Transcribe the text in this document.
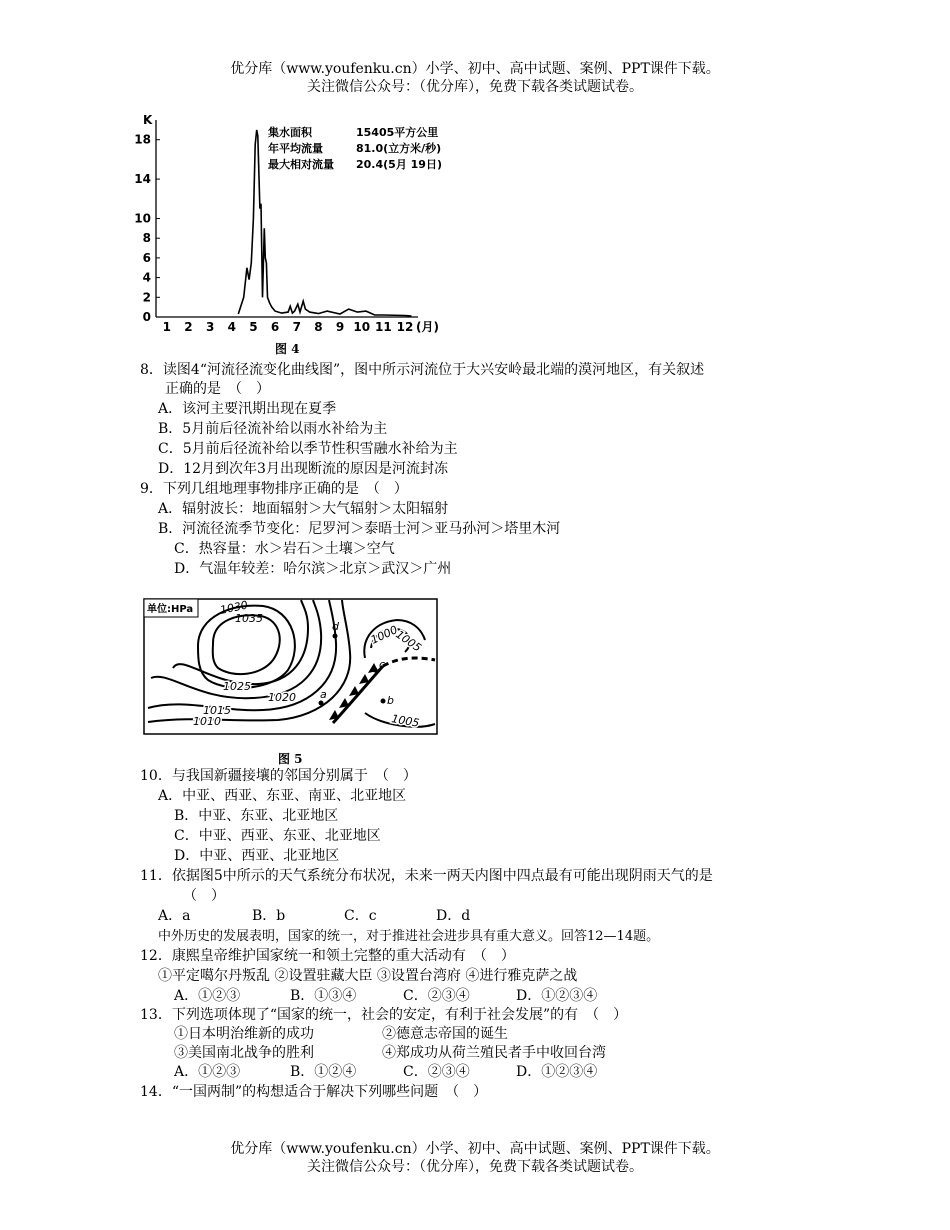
优分库（www.youfenku.cn）小学、初中、高中试题、案例、PPT课件下载。
关注微信公众号：（优分库），免费下载各类试题试卷。
K
0
2
4
6
8
10
14
18
1 2 3 4 5 6 7 8 9 10 11 12 (月)
集水面积	15405平方公里
年平均流量	81.0(立方米/秒)
最大相对流量 20.4(5月 19日)
图 4
8．读图4“河流径流变化曲线图”，图中所示河流位于大兴安岭最北端的漠河地区，有关叙述
正确的是　（　）
A．该河主要汛期出现在夏季
B．5月前后径流补给以雨水补给为主
C．5月前后径流补给以季节性积雪融水补给为主
D．12月到次年3月出现断流的原因是河流封冻
9．下列几组地理事物排序正确的是　（　）
A．辐射波长：地面辐射＞大气辐射＞太阳辐射
B．河流径流季节变化：尼罗河＞泰晤士河＞亚马孙河＞塔里木河
C．热容量：水＞岩石＞土壤＞空气
D．气温年较差：哈尔滨＞北京＞武汉＞广州
1030
1035
1025
1020
1015
1010
1000
1005
1005
单位:HPa
a	b
c
d
图 5
10．与我国新疆接壤的邻国分别属于　（　）
A．中亚、西亚、东亚、南亚、北亚地区
B．中亚、东亚、北亚地区
C．中亚、西亚、东亚、北亚地区
D．中亚、西亚、北亚地区
11．依据图5中所示的天气系统分布状况，未来一两天内图中四点最有可能出现阴雨天气的是
（　）
A．a	B．b	C．c	D．d
中外历史的发展表明，国家的统一，对于推进社会进步具有重大意义。回答12—14题。
12．康熙皇帝维护国家统一和领土完整的重大活动有　（　）
①平定噶尔丹叛乱 ②设置驻藏大臣 ③设置台湾府 ④进行雅克萨之战
A．①②③	B．①③④	C．②③④	D．①②③④
13．下列选项体现了“国家的统一，社会的安定，有利于社会发展”的有　（　）
①日本明治维新的成功	②德意志帝国的诞生
③美国南北战争的胜利	④郑成功从荷兰殖民者手中收回台湾
A．①②③	B．①②④	C．②③④	D．①②③④
14．“一国两制”的构想适合于解决下列哪些问题　（　）
优分库（www.youfenku.cn）小学、初中、高中试题、案例、PPT课件下载。
关注微信公众号：（优分库），免费下载各类试题试卷。
